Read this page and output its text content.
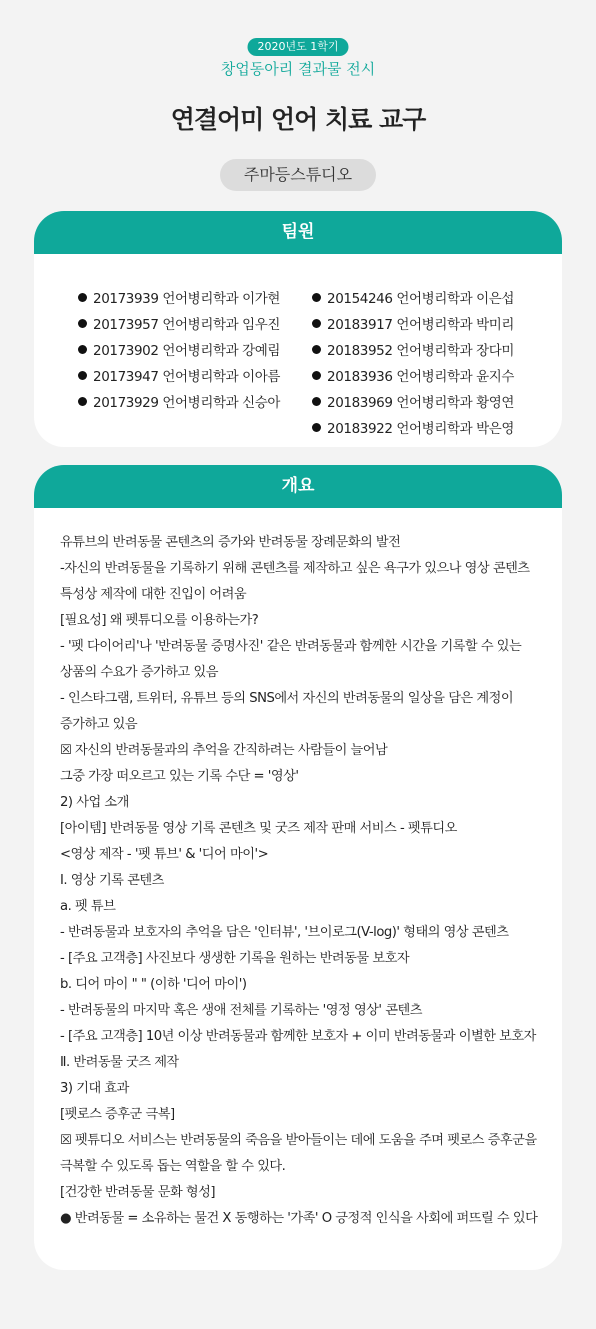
2020년도 1학기
창업동아리 결과물 전시
연결어미 언어 치료 교구
주마등스튜디오
팀원
20173939 언어병리학과 이가현
20173957 언어병리학과 임우진
20173902 언어병리학과 강예림
20173947 언어병리학과 이아름
20173929 언어병리학과 신승아
20154246 언어병리학과 이은섭
20183917 언어병리학과 박미리
20183952 언어병리학과 장다미
20183936 언어병리학과 윤지수
20183969 언어병리학과 황영연
20183922 언어병리학과 박은영
개요
유튜브의 반려동물 콘텐츠의 증가와 반려동물 장례문화의 발전
-자신의 반려동물을 기록하기 위해 콘텐츠를 제작하고 싶은 욕구가 있으나 영상 콘텐츠
특성상 제작에 대한 진입이 어려움
[필요성] 왜 펫튜디오를 이용하는가?
- '펫 다이어리'나 '반려동물 증명사진' 같은 반려동물과 함께한 시간을 기록할 수 있는
상품의 수요가 증가하고 있음
- 인스타그램, 트위터, 유튜브 등의 SNS에서 자신의 반려동물의 일상을 담은 계정이
증가하고 있음
☒ 자신의 반려동물과의 추억을 간직하려는 사람들이 늘어남
그중 가장 떠오르고 있는 기록 수단 = '영상'
2) 사업 소개
[아이템] 반려동물 영상 기록 콘텐츠 및 굿즈 제작 판매 서비스 - 펫튜디오
<영상 제작 - '펫 튜브' & '디어 마이'>
Ⅰ. 영상 기록 콘텐츠
a. 펫 튜브
- 반려동물과 보호자의 추억을 담은 '인터뷰', '브이로그(V-log)' 형태의 영상 콘텐츠
- [주요 고객층] 사진보다 생생한 기록을 원하는 반려동물 보호자
b. 디어 마이 " " (이하 '디어 마이')
- 반려동물의 마지막 혹은 생애 전체를 기록하는 '영정 영상' 콘텐츠
- [주요 고객층] 10년 이상 반려동물과 함께한 보호자 + 이미 반려동물과 이별한 보호자
Ⅱ. 반려동물 굿즈 제작
3) 기대 효과
[펫로스 증후군 극복]
☒ 펫튜디오 서비스는 반려동물의 죽음을 받아들이는 데에 도움을 주며 펫로스 증후군을
극복할 수 있도록 돕는 역할을 할 수 있다.
[건강한 반려동물 문화 형성]
● 반려동물 = 소유하는 물건 X 동행하는 '가족' O 긍정적 인식을 사회에 퍼뜨릴 수 있다
